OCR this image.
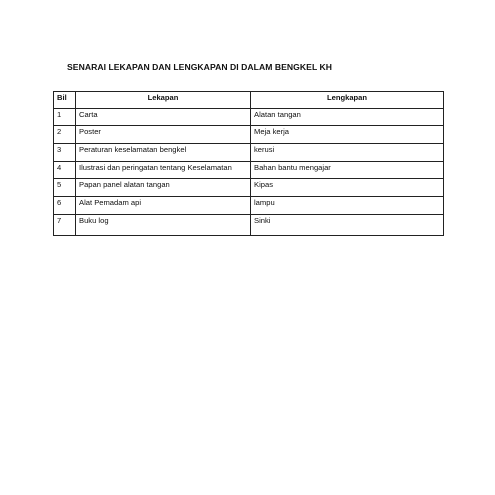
SENARAI LEKAPAN DAN LENGKAPAN DI DALAM BENGKEL KH
Bil	Lekapan	Lengkapan
1	Carta	Alatan tangan
2	Poster	Meja kerja
3	Peraturan keselamatan bengkel	kerusi
4	Ilustrasi dan peringatan tentang Keselamatan	Bahan bantu mengajar
5	Papan panel alatan tangan	Kipas
6	Alat Pemadam api	lampu
7	Buku log	Sinki
